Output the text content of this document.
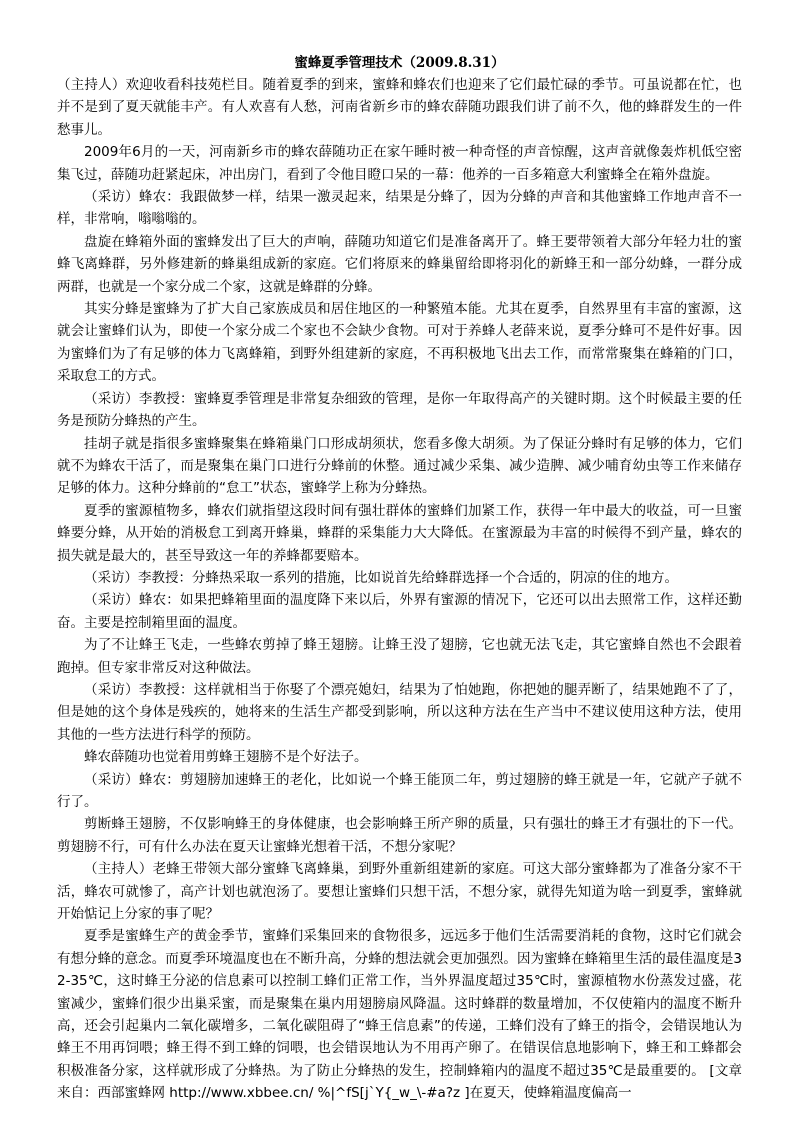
蜜蜂夏季管理技术（2009.8.31）

（主持人）欢迎收看科技苑栏目。随着夏季的到来，蜜蜂和蜂农们也迎来了它们最忙碌的季节。可虽说都在忙，也并不是到了夏天就能丰产。有人欢喜有人愁，河南省新乡市的蜂农薛随功跟我们讲了前不久，他的蜂群发生的一件愁事儿。

2009年6月的一天，河南新乡市的蜂农薛随功正在家午睡时被一种奇怪的声音惊醒，这声音就像轰炸机低空密集飞过，薛随功赶紧起床，冲出房门，看到了令他目瞪口呆的一幕：他养的一百多箱意大利蜜蜂全在箱外盘旋。

（采访）蜂农：我跟做梦一样，结果一激灵起来，结果是分蜂了，因为分蜂的声音和其他蜜蜂工作地声音不一样，非常响，嗡嗡嗡的。

盘旋在蜂箱外面的蜜蜂发出了巨大的声响，薛随功知道它们是准备离开了。蜂王要带领着大部分年轻力壮的蜜蜂飞离蜂群，另外修建新的蜂巢组成新的家庭。它们将原来的蜂巢留给即将羽化的新蜂王和一部分幼蜂，一群分成两群，也就是一个家分成二个家，这就是蜂群的分蜂。

其实分蜂是蜜蜂为了扩大自己家族成员和居住地区的一种繁殖本能。尤其在夏季，自然界里有丰富的蜜源，这就会让蜜蜂们认为，即使一个家分成二个家也不会缺少食物。可对于养蜂人老薛来说，夏季分蜂可不是件好事。因为蜜蜂们为了有足够的体力飞离蜂箱，到野外组建新的家庭，不再积极地飞出去工作，而常常聚集在蜂箱的门口，采取怠工的方式。

（采访）李教授：蜜蜂夏季管理是非常复杂细致的管理，是你一年取得高产的关键时期。这个时候最主要的任务是预防分蜂热的产生。

挂胡子就是指很多蜜蜂聚集在蜂箱巢门口形成胡须状，您看多像大胡须。为了保证分蜂时有足够的体力，它们就不为蜂农干活了，而是聚集在巢门口进行分蜂前的休整。通过减少采集、减少造脾、减少哺育幼虫等工作来储存足够的体力。这种分蜂前的“怠工”状态，蜜蜂学上称为分蜂热。

夏季的蜜源植物多，蜂农们就指望这段时间有强壮群体的蜜蜂们加紧工作，获得一年中最大的收益，可一旦蜜蜂要分蜂，从开始的消极怠工到离开蜂巢，蜂群的采集能力大大降低。在蜜源最为丰富的时候得不到产量，蜂农的损失就是最大的，甚至导致这一年的养蜂都要赔本。

（采访）李教授：分蜂热采取一系列的措施，比如说首先给蜂群选择一个合适的，阴凉的住的地方。

（采访）蜂农：如果把蜂箱里面的温度降下来以后，外界有蜜源的情况下，它还可以出去照常工作，这样还勤奋。主要是控制箱里面的温度。

为了不让蜂王飞走，一些蜂农剪掉了蜂王翅膀。让蜂王没了翅膀，它也就无法飞走，其它蜜蜂自然也不会跟着跑掉。但专家非常反对这种做法。

（采访）李教授：这样就相当于你娶了个漂亮媳妇，结果为了怕她跑，你把她的腿弄断了，结果她跑不了了，但是她的这个身体是残疾的，她将来的生活生产都受到影响，所以这种方法在生产当中不建议使用这种方法，使用其他的一些方法进行科学的预防。

蜂农薛随功也觉着用剪蜂王翅膀不是个好法子。

（采访）蜂农：剪翅膀加速蜂王的老化，比如说一个蜂王能顶二年，剪过翅膀的蜂王就是一年，它就产子就不行了。

剪断蜂王翅膀，不仅影响蜂王的身体健康，也会影响蜂王所产卵的质量，只有强壮的蜂王才有强壮的下一代。剪翅膀不行，可有什么办法在夏天让蜜蜂光想着干活，不想分家呢？

（主持人）老蜂王带领大部分蜜蜂飞离蜂巢，到野外重新组建新的家庭。可这大部分蜜蜂都为了准备分家不干活，蜂农可就惨了，高产计划也就泡汤了。要想让蜜蜂们只想干活，不想分家，就得先知道为啥一到夏季，蜜蜂就开始惦记上分家的事了呢？

夏季是蜜蜂生产的黄金季节，蜜蜂们采集回来的食物很多，远远多于他们生活需要消耗的食物，这时它们就会有想分蜂的意念。而夏季环境温度也在不断升高，分蜂的想法就会更加强烈。因为蜜蜂在蜂箱里生活的最佳温度是32-35℃，这时蜂王分泌的信息素可以控制工蜂们正常工作，当外界温度超过35℃时，蜜源植物水份蒸发过盛，花蜜减少，蜜蜂们很少出巢采蜜，而是聚集在巢内用翅膀扇风降温。这时蜂群的数量增加，不仅使箱内的温度不断升高，还会引起巢内二氧化碳增多，二氧化碳阻碍了“蜂王信息素”的传递，工蜂们没有了蜂王的指令，会错误地认为蜂王不用再饲喂；蜂王得不到工蜂的饲喂，也会错误地认为不用再产卵了。在错误信息地影响下，蜂王和工蜂都会积极准备分家，这样就形成了分蜂热。为了防止分蜂热的发生，控制蜂箱内的温度不超过35℃是最重要的。 [文章来自：西部蜜蜂网 http://www.xbbee.cn/ %|^fS[j`Y{_w_\-#a?z ]在夏天，使蜂箱温度偏高一
